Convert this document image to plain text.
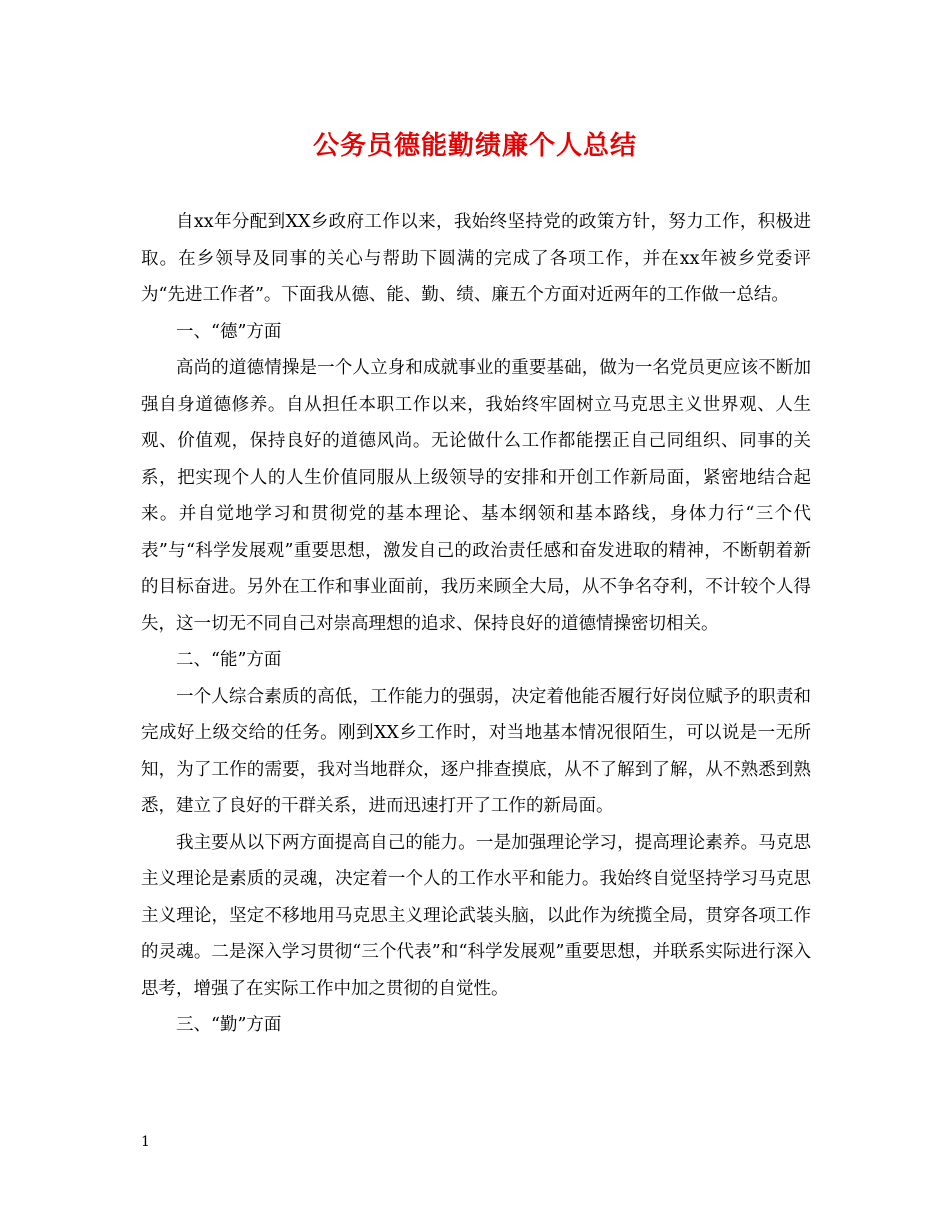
公务员德能勤绩廉个人总结

自xx年分配到XX乡政府工作以来，我始终坚持党的政策方针，努力工作，积极进取。在乡领导及同事的关心与帮助下圆满的完成了各项工作，并在xx年被乡党委评为“先进工作者”。下面我从德、能、勤、绩、廉五个方面对近两年的工作做一总结。

一、“德”方面

高尚的道德情操是一个人立身和成就事业的重要基础，做为一名党员更应该不断加强自身道德修养。自从担任本职工作以来，我始终牢固树立马克思主义世界观、人生观、价值观，保持良好的道德风尚。无论做什么工作都能摆正自己同组织、同事的关系，把实现个人的人生价值同服从上级领导的安排和开创工作新局面，紧密地结合起来。并自觉地学习和贯彻党的基本理论、基本纲领和基本路线，身体力行“三个代表”与“科学发展观”重要思想，激发自己的政治责任感和奋发进取的精神，不断朝着新的目标奋进。另外在工作和事业面前，我历来顾全大局，从不争名夺利，不计较个人得失，这一切无不同自己对崇高理想的追求、保持良好的道德情操密切相关。

二、“能”方面

一个人综合素质的高低，工作能力的强弱，决定着他能否履行好岗位赋予的职责和完成好上级交给的任务。刚到XX乡工作时，对当地基本情况很陌生，可以说是一无所知，为了工作的需要，我对当地群众，逐户排查摸底，从不了解到了解，从不熟悉到熟悉，建立了良好的干群关系，进而迅速打开了工作的新局面。

我主要从以下两方面提高自己的能力。一是加强理论学习，提高理论素养。马克思主义理论是素质的灵魂，决定着一个人的工作水平和能力。我始终自觉坚持学习马克思主义理论，坚定不移地用马克思主义理论武装头脑，以此作为统揽全局，贯穿各项工作的灵魂。二是深入学习贯彻“三个代表”和“科学发展观”重要思想，并联系实际进行深入思考，增强了在实际工作中加之贯彻的自觉性。

三、“勤”方面

1
